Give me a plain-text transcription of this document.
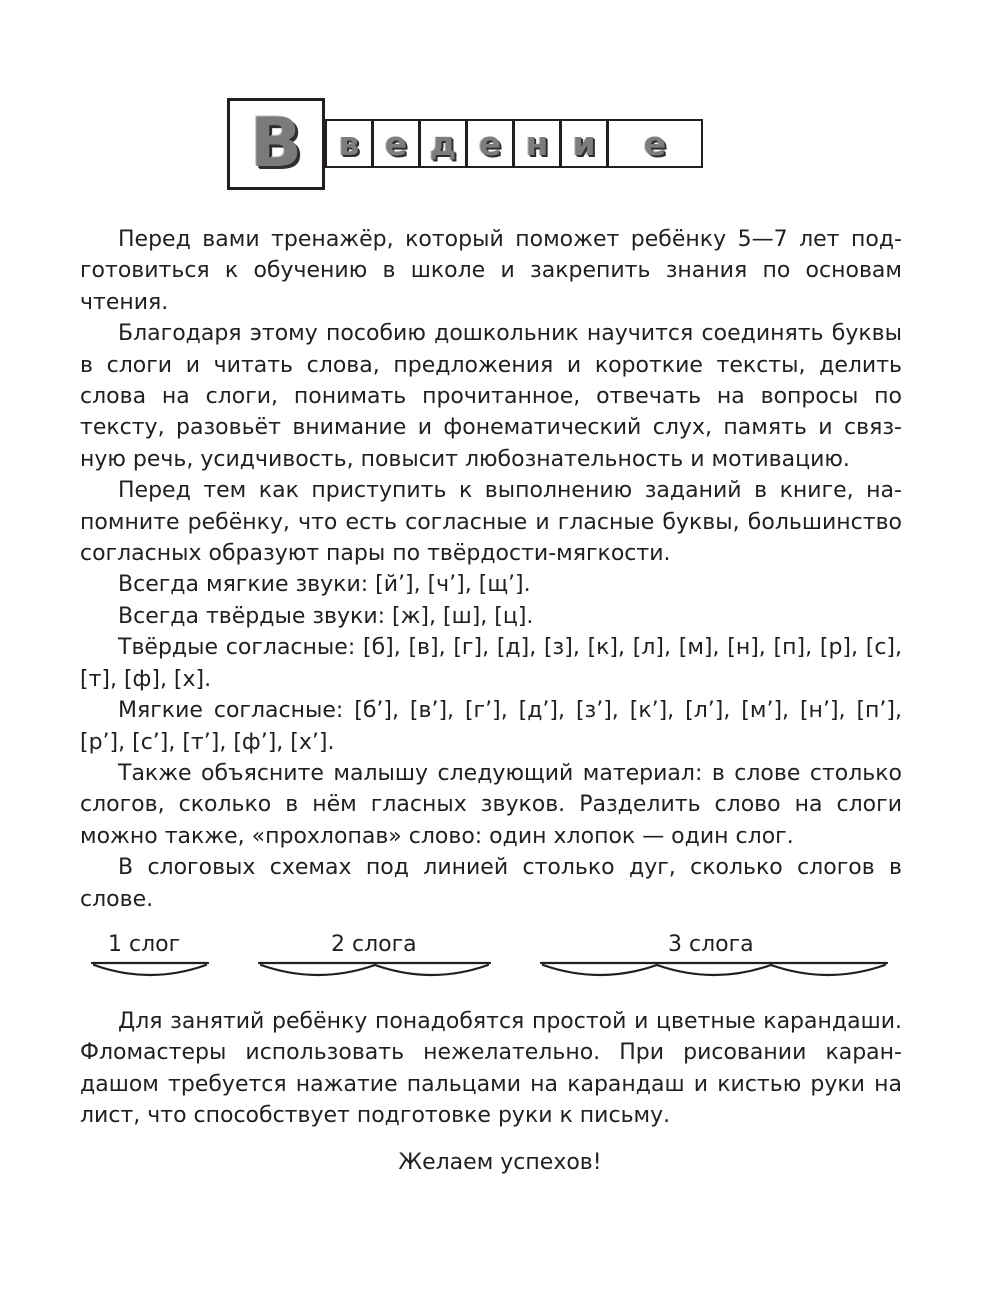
В в е д е н и е

Перед вами тренажёр, который поможет ребёнку 5—7 лет подготовиться к обучению в школе и закрепить знания по основам чтения.

Благодаря этому пособию дошкольник научится соединять буквы в слоги и читать слова, предложения и короткие тексты, делить слова на слоги, понимать прочитанное, отвечать на вопросы по тексту, разовьёт внимание и фонематический слух, память и связную речь, усидчивость, повысит любознательность и мотивацию.

Перед тем как приступить к выполнению заданий в книге, напомните ребёнку, что есть согласные и гласные буквы, большинство согласных образуют пары по твёрдости-мягкости.

Всегда мягкие звуки: [й’], [ч’], [щ’].

Всегда твёрдые звуки: [ж], [ш], [ц].

Твёрдые согласные: [б], [в], [г], [д], [з], [к], [л], [м], [н], [п], [р], [с], [т], [ф], [х].

Мягкие согласные: [б’], [в’], [г’], [д’], [з’], [к’], [л’], [м’], [н’], [п’], [р’], [с’], [т’], [ф’], [х’].

Также объясните малышу следующий материал: в слове столько слогов, сколько в нём гласных звуков. Разделить слово на слоги можно также, «прохлопав» слово: один хлопок — один слог.

В слоговых схемах под линией столько дуг, сколько слогов в слове.

1 слог	2 слога	3 слога

Для занятий ребёнку понадобятся простой и цветные карандаши. Фломастеры использовать нежелательно. При рисовании карандашом требуется нажатие пальцами на карандаш и кистью руки на лист, что способствует подготовке руки к письму.

Желаем успехов!
